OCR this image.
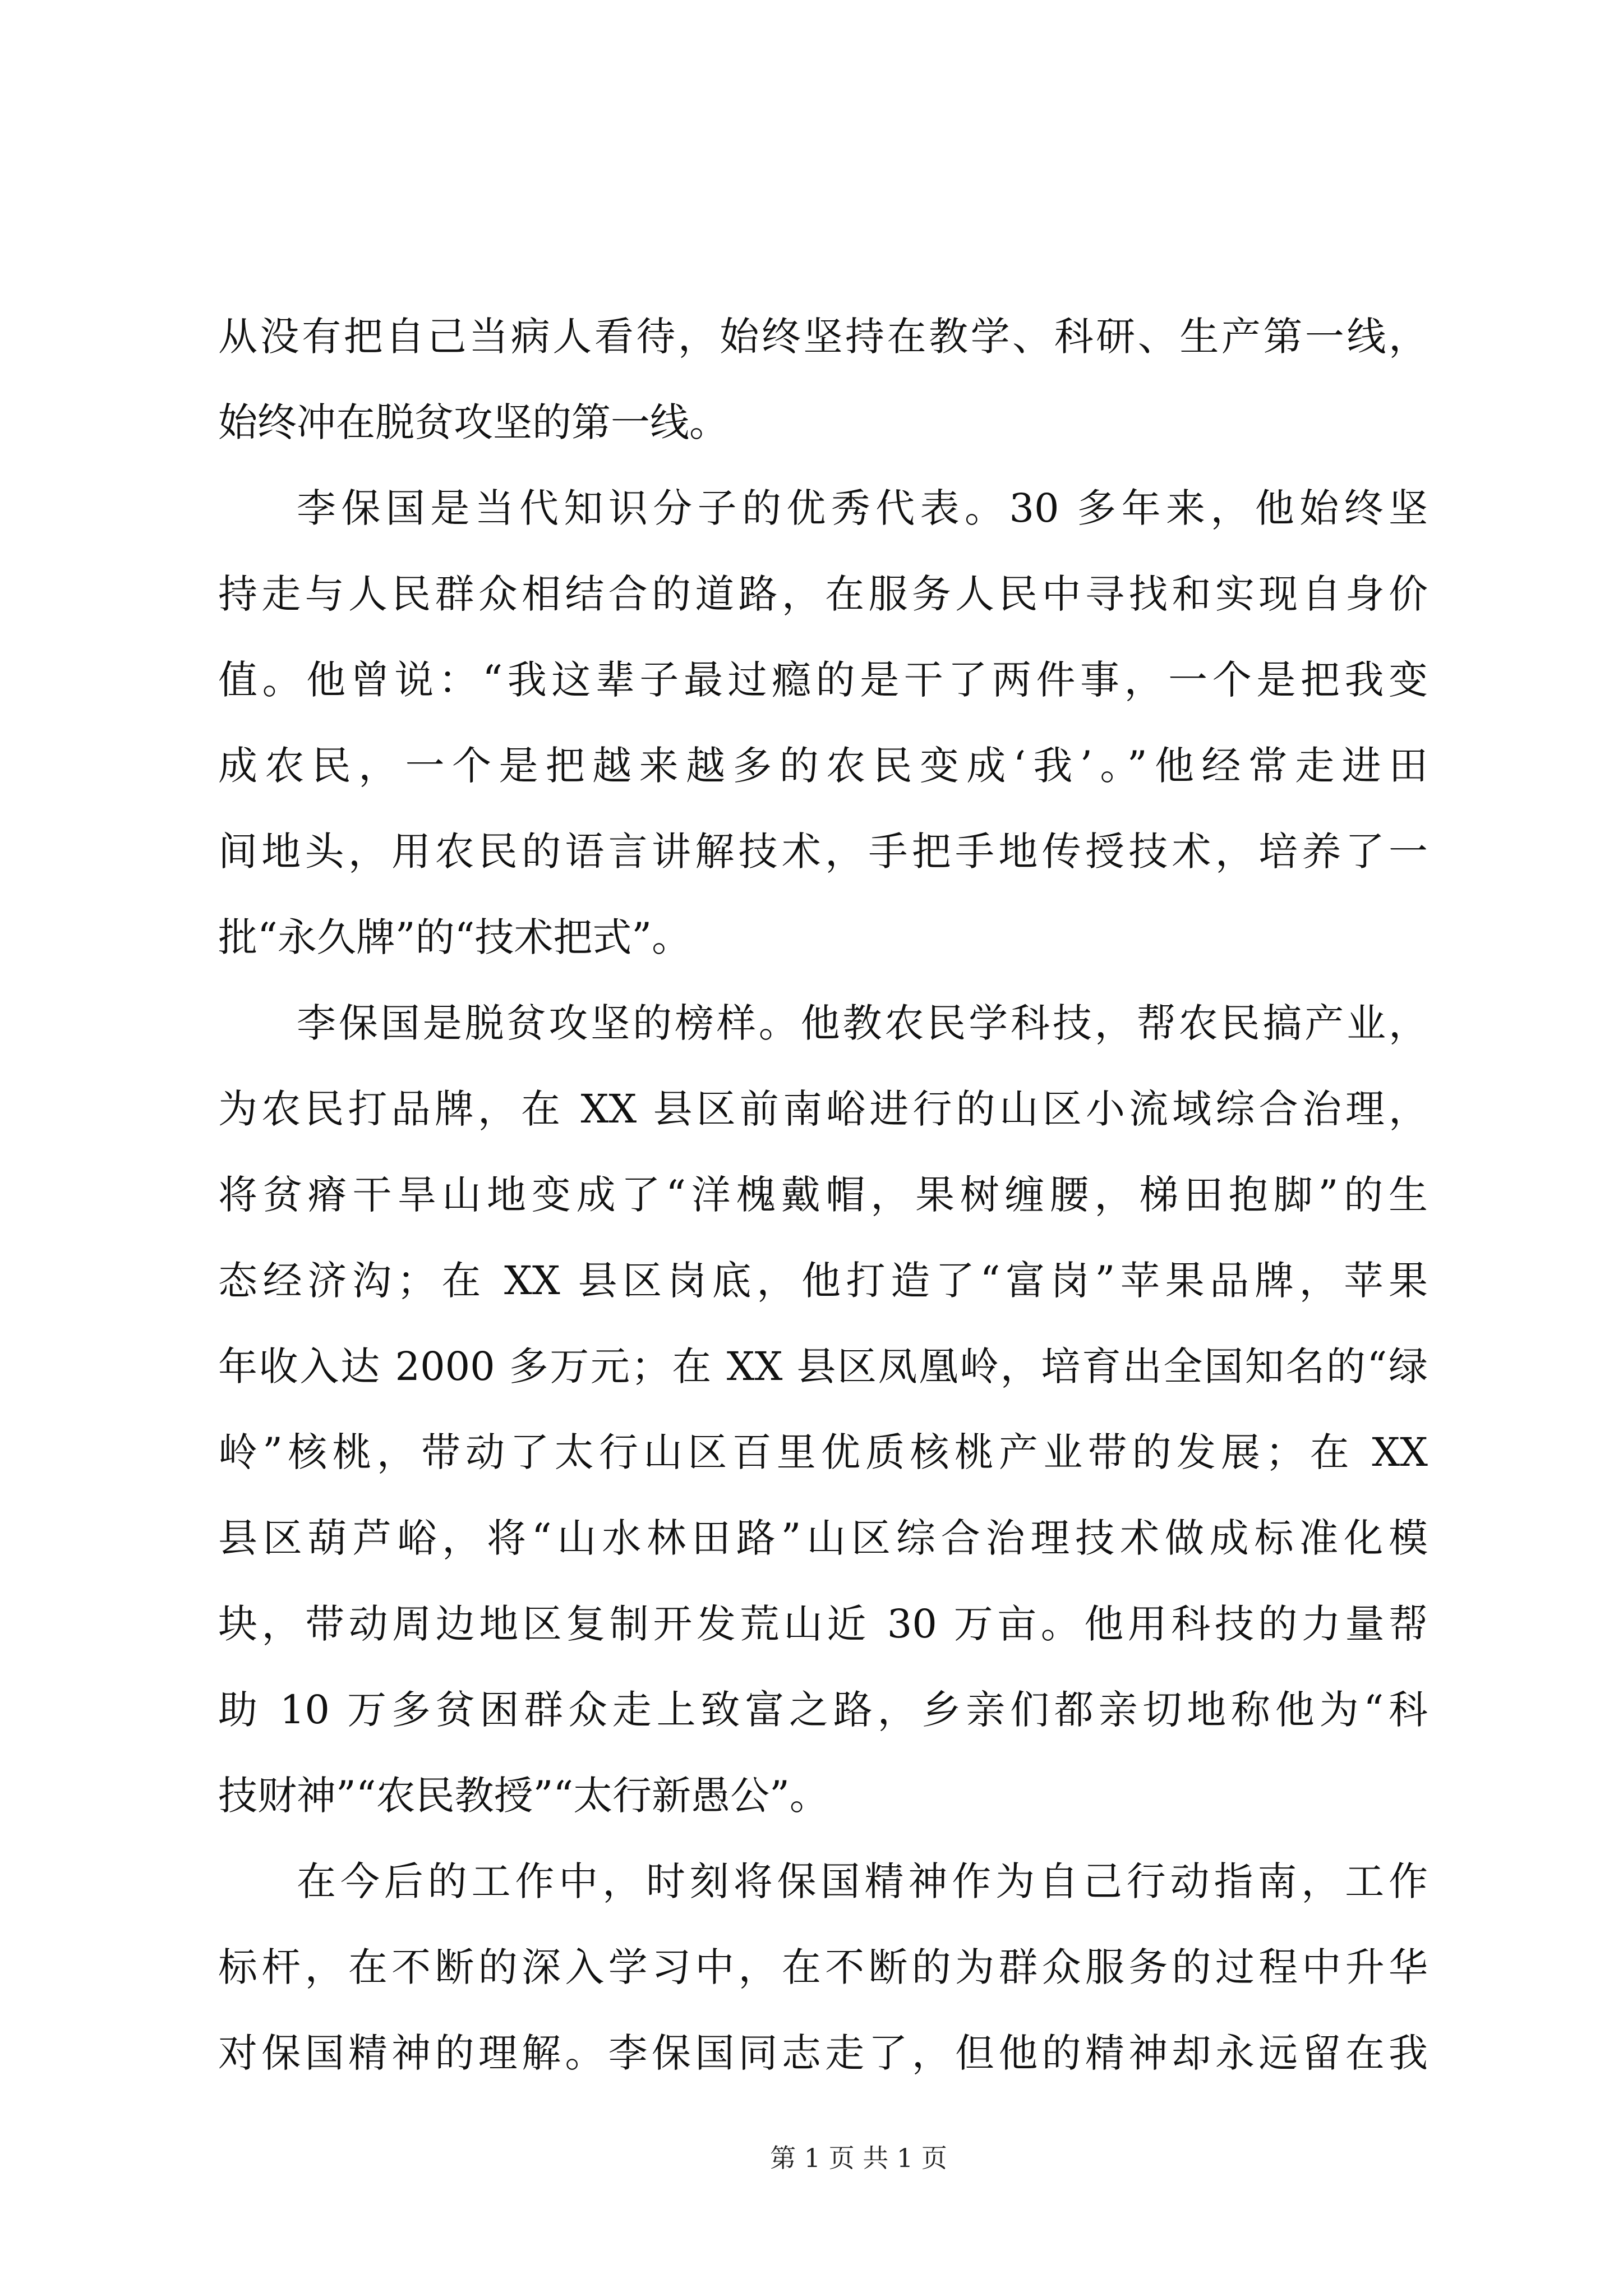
从没有把自己当病人看待，始终坚持在教学、科研、生产第一线，
始终冲在脱贫攻坚的第一线。
李保国是当代知识分子的优秀代表。30 多年来，他始终坚
持走与人民群众相结合的道路，在服务人民中寻找和实现自身价
值。他曾说：“我这辈子最过瘾的是干了两件事，一个是把我变
成农民，一个是把越来越多的农民变成‘我’。”他经常走进田
间地头，用农民的语言讲解技术，手把手地传授技术，培养了一
批“永久牌”的“技术把式”。
李保国是脱贫攻坚的榜样。他教农民学科技，帮农民搞产业，
为农民打品牌，在 XX 县区前南峪进行的山区小流域综合治理，
将贫瘠干旱山地变成了“洋槐戴帽，果树缠腰，梯田抱脚”的生
态经济沟；在 XX 县区岗底，他打造了“富岗”苹果品牌，苹果
年收入达 2000 多万元；在 XX 县区凤凰岭，培育出全国知名的“绿
岭”核桃，带动了太行山区百里优质核桃产业带的发展；在 XX
县区葫芦峪，将“山水林田路”山区综合治理技术做成标准化模
块，带动周边地区复制开发荒山近 30 万亩。他用科技的力量帮
助 10 万多贫困群众走上致富之路，乡亲们都亲切地称他为“科
技财神”“农民教授”“太行新愚公”。
在今后的工作中，时刻将保国精神作为自己行动指南，工作
标杆，在不断的深入学习中，在不断的为群众服务的过程中升华
对保国精神的理解。李保国同志走了，但他的精神却永远留在我
第 1 页 共 1 页
